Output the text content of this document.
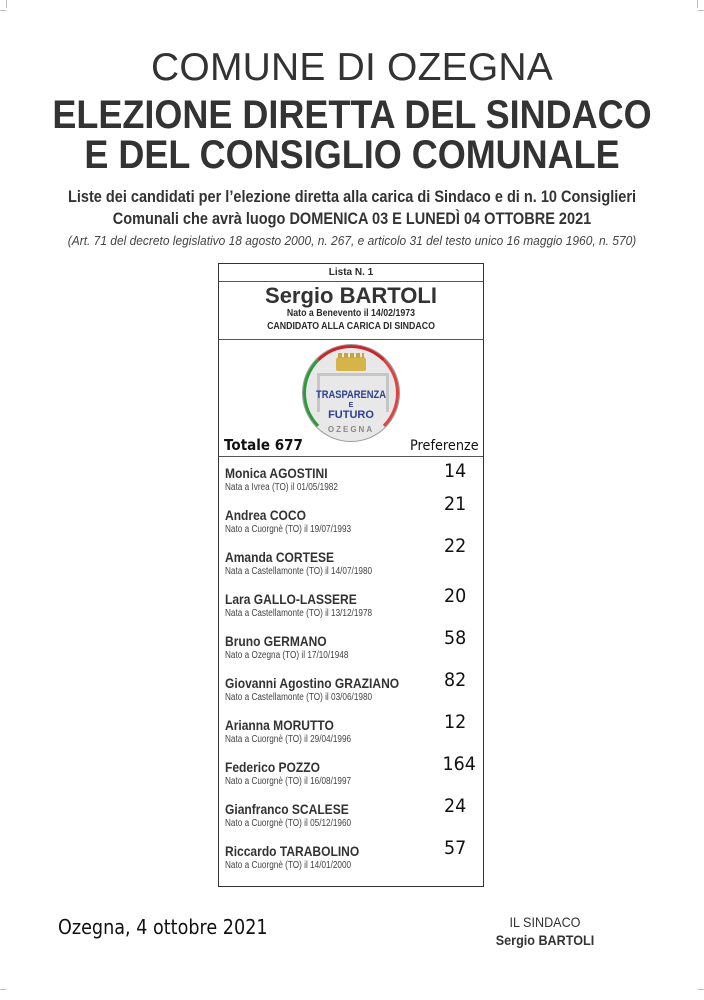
COMUNE DI OZEGNA
ELEZIONE DIRETTA DEL SINDACO
E DEL CONSIGLIO COMUNALE
Liste dei candidati per l’elezione diretta alla carica di Sindaco e di n. 10 Consiglieri
Comunali che avrà luogo DOMENICA 03 E LUNEDÌ 04 OTTOBRE 2021
(Art. 71 del decreto legislativo 18 agosto 2000, n. 267, e articolo 31 del testo unico 16 maggio 1960, n. 570)
Lista N. 1
Sergio BARTOLI
Nato a Benevento il 14/02/1973
CANDIDATO ALLA CARICA DI SINDACO
TRASPARENZA
E
FUTURO
OZEGNA
Totale 677	Preferenze
Monica AGOSTINI
Nata a Ivrea (TO) il 01/05/1982
14
Andrea COCO
Nato a Cuorgnè (TO) il 19/07/1993
21
Amanda CORTESE
Nata a Castellamonte (TO) il 14/07/1980
22
Lara GALLO-LASSERE
Nata a Castellamonte (TO) il 13/12/1978
20
Bruno GERMANO
Nato a Ozegna (TO) il 17/10/1948
58
Giovanni Agostino GRAZIANO
Nato a Castellamonte (TO) il 03/06/1980
82
Arianna MORUTTO
Nata a Cuorgnè (TO) il 29/04/1996
12
Federico POZZO
Nato a Cuorgnè (TO) il 16/08/1997
164
Gianfranco SCALESE
Nato a Cuorgnè (TO) il 05/12/1960
24
Riccardo TARABOLINO
Nato a Cuorgnè (TO) il 14/01/2000
57
Ozegna, 4 ottobre 2021	IL SINDACO
Sergio BARTOLI
